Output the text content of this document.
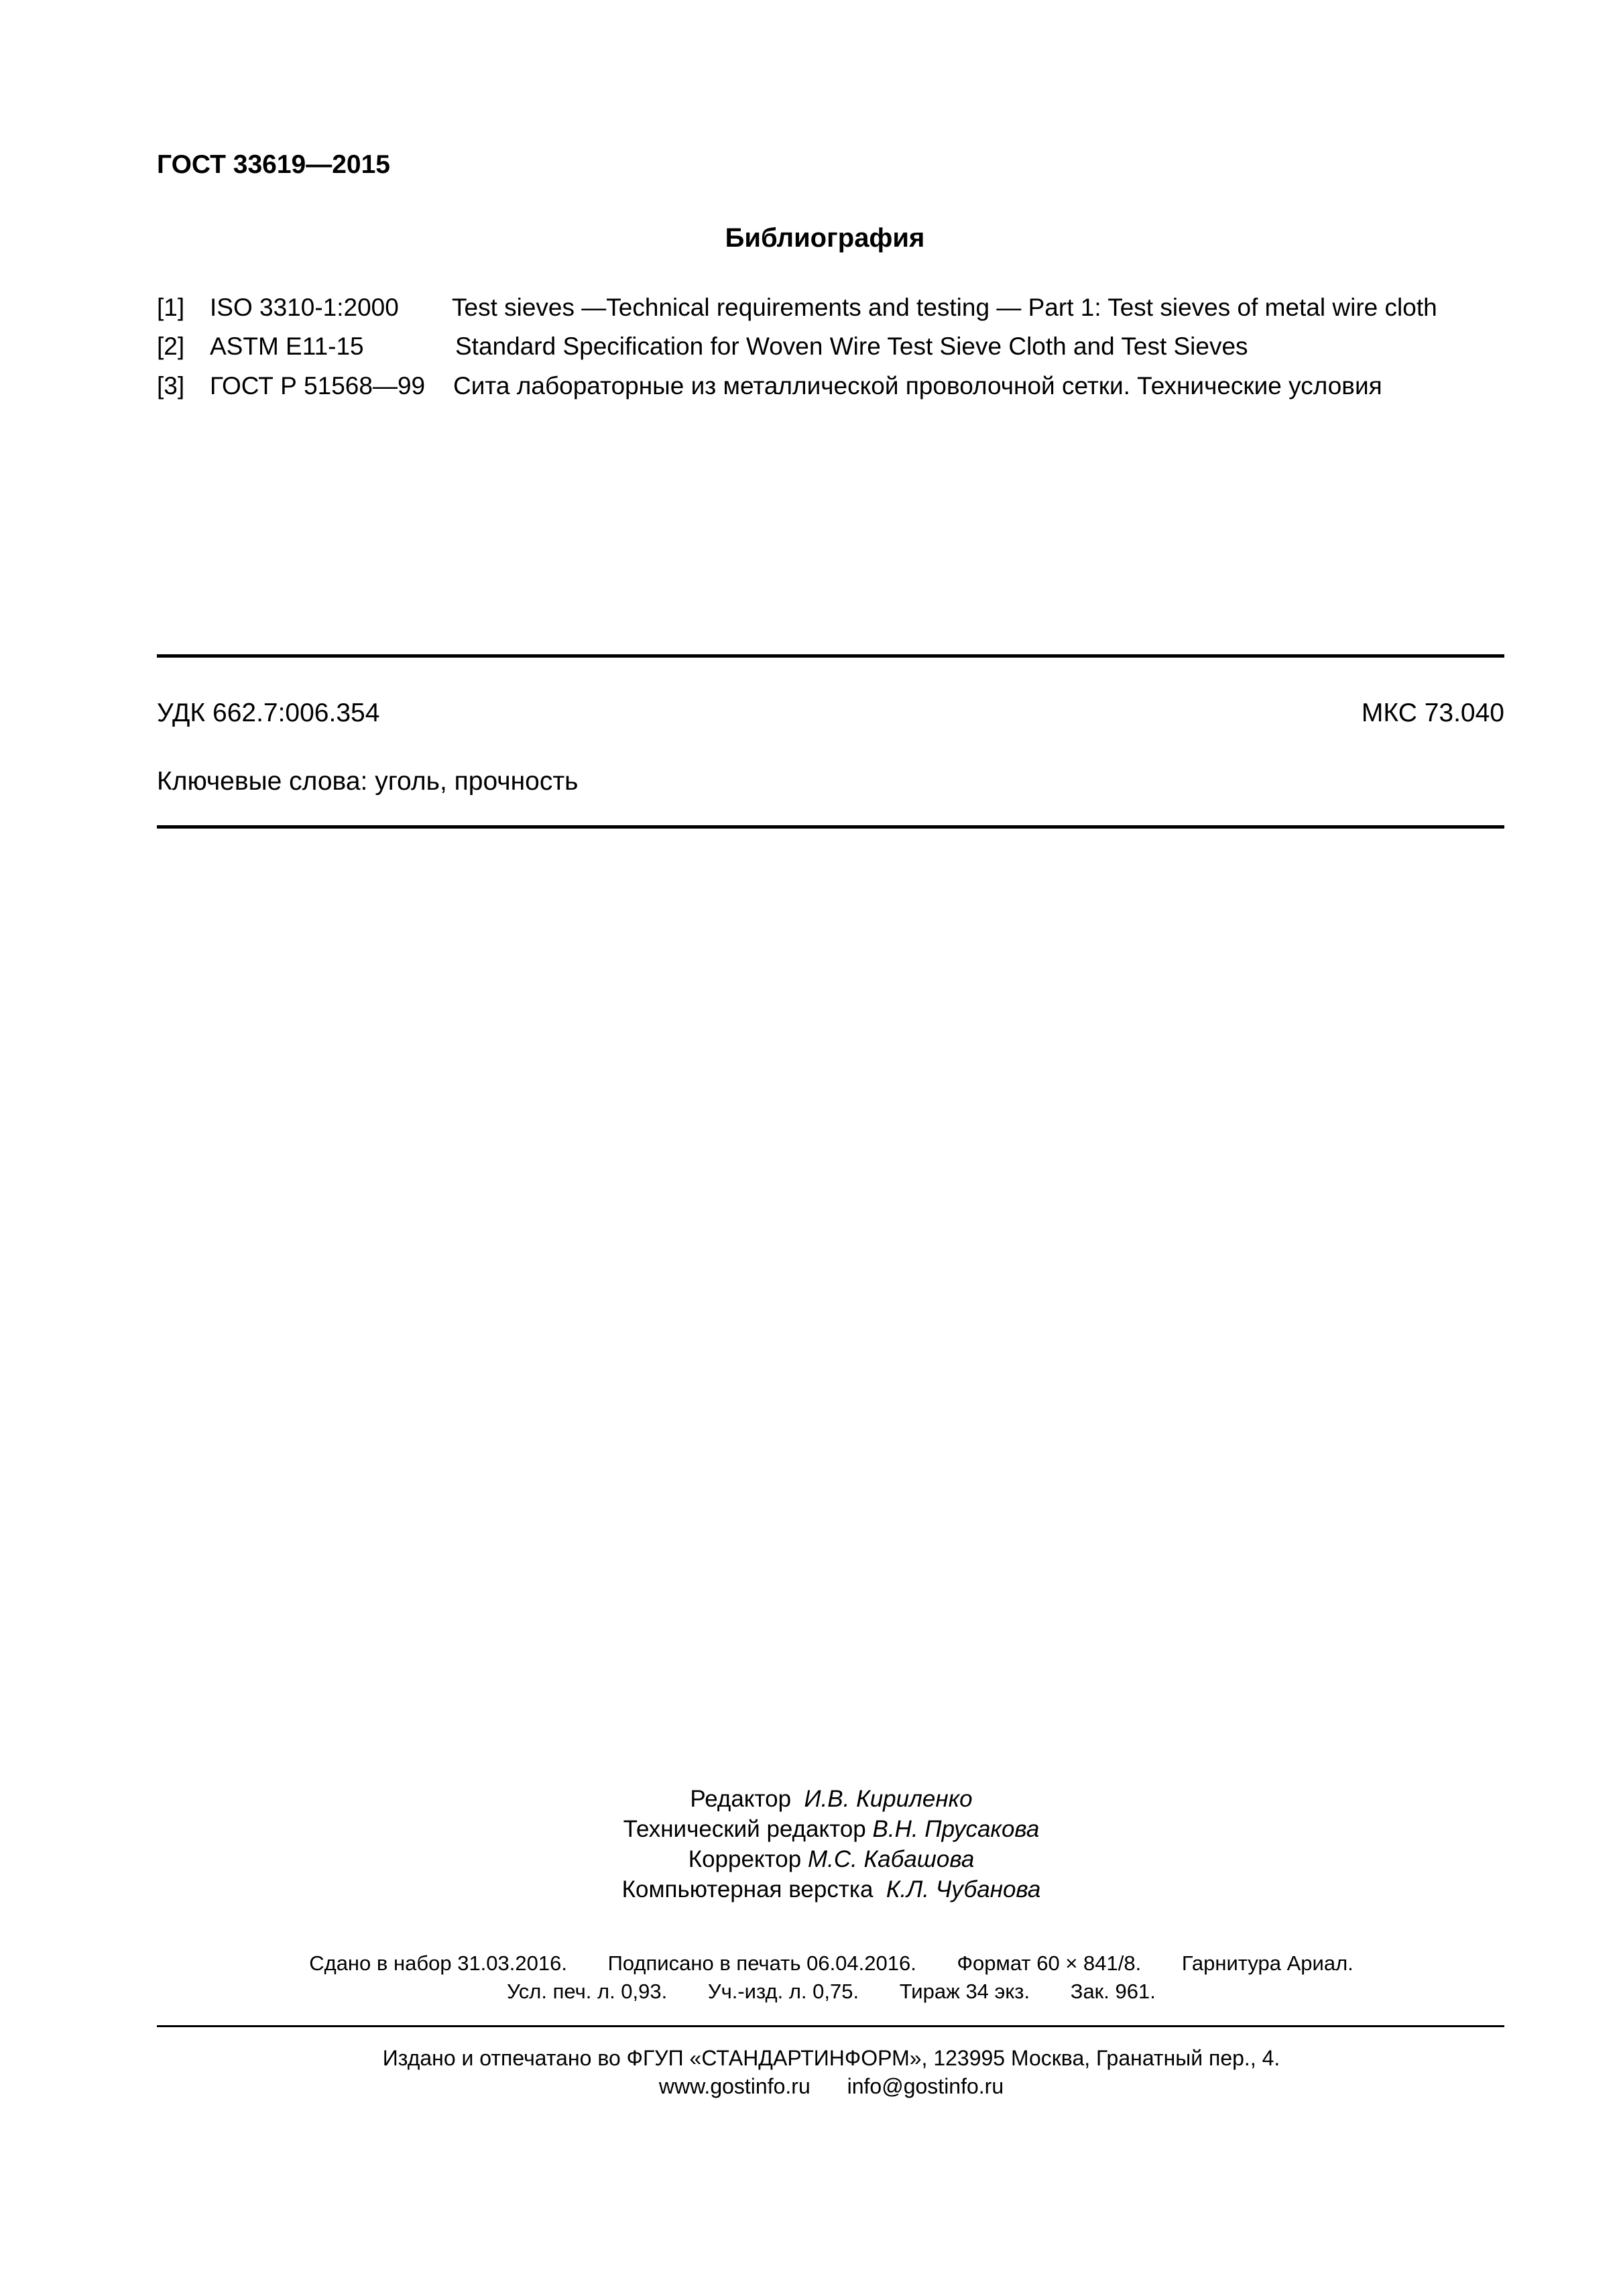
ГОСТ 33619—2015
Библиография
[1] ISO 3310-1:2000 Test sieves —Technical requirements and testing — Part 1: Test sieves of metal wire cloth
[2] ASTM E11-15	Standard Specification for Woven Wire Test Sieve Cloth and Test Sieves
[3] ГОСТ Р 51568—99 Сита лабораторные из металлической проволочной сетки. Технические условия
УДК 662.7:006.354	МКС 73.040
Ключевые слова: уголь, прочность
Редактор И.В. Кириленко
Технический редактор В.Н. Прусакова
Корректор М.С. Кабашова
Компьютерная верстка К.Л. Чубанова
Сдано в набор 31.03.2016. Подписано в печать 06.04.2016. Формат 60 × 841/8. Гарнитура Ариал.
Усл. печ. л. 0,93. Уч.-изд. л. 0,75. Тираж 34 экз. Зак. 961.
Издано и отпечатано во ФГУП «СТАНДАРТИНФОРМ», 123995 Москва, Гранатный пер., 4.
www.gostinfo.ru info@gostinfo.ru
